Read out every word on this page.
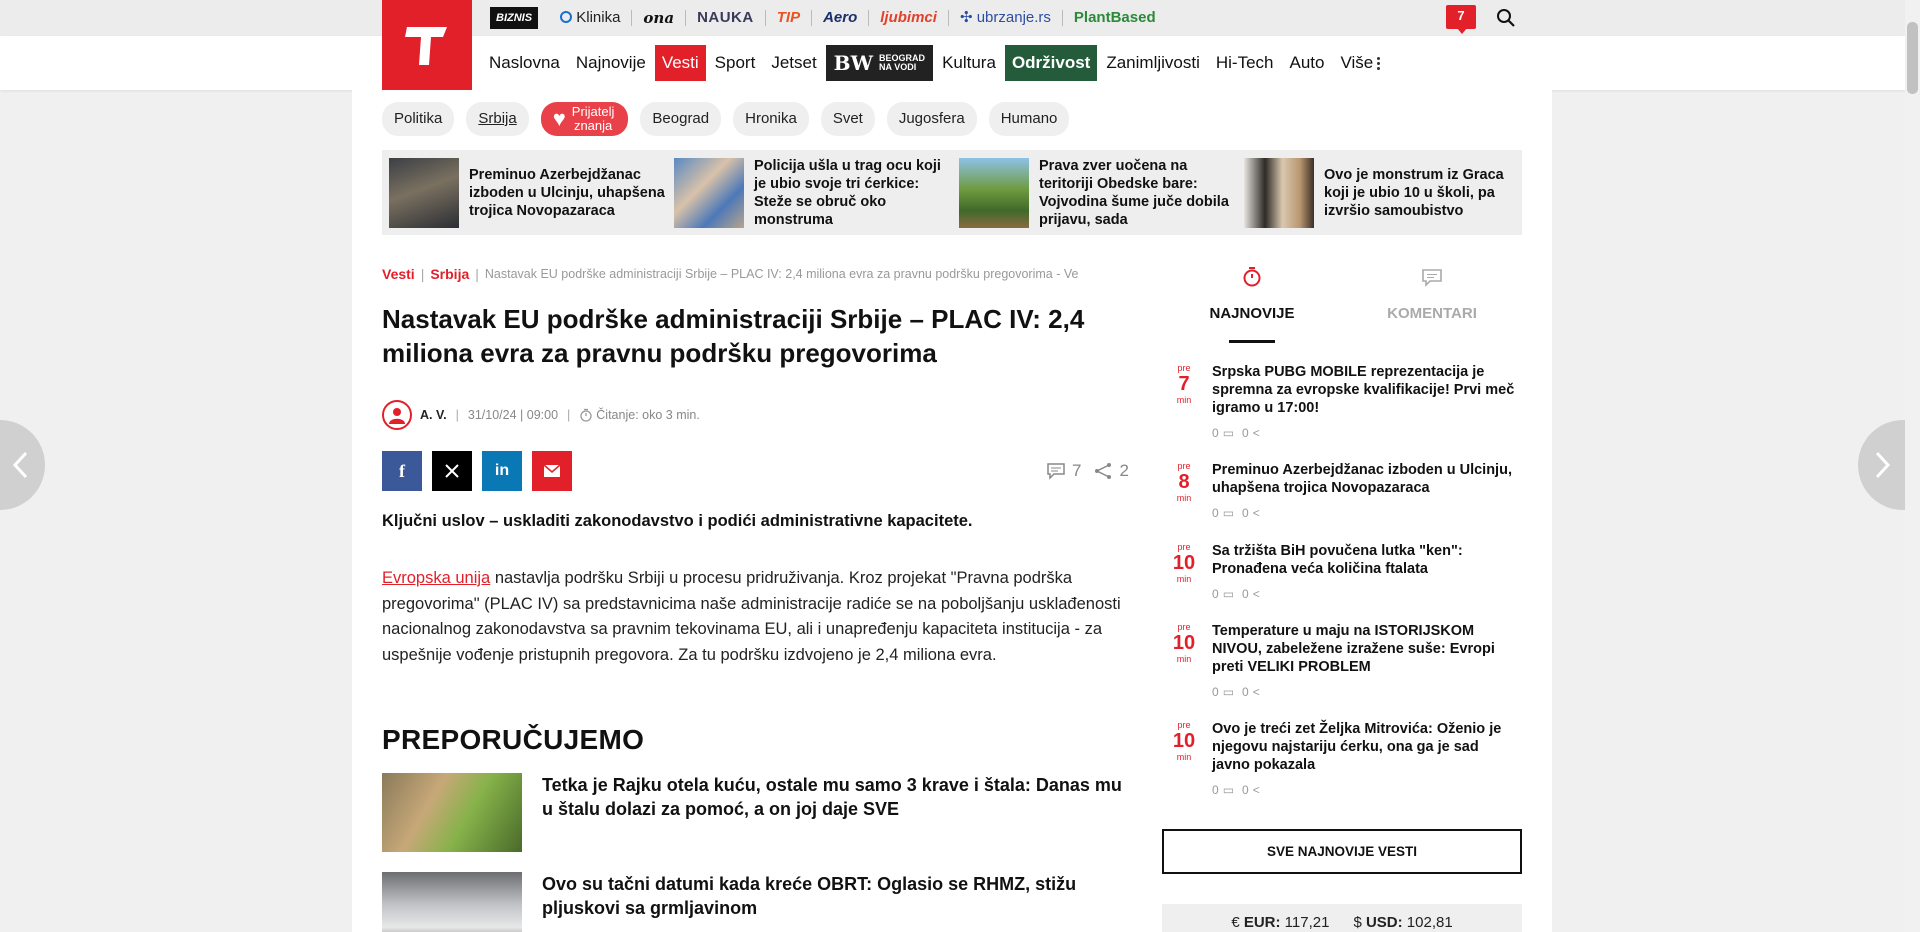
BIZNIS	Klinika	ona	NAUKA	TIP	Aero	ljubimci	✣ ubrzanje.rs	PlantBased	7
Naslovna Najnovije Vesti Sport Jetset BW BEOGRAD
NA VODI	Kultura Održivost Zanimljivosti Hi-Tech Auto Više
Politika	Srbija	♥ Prijatelj
znanja	Beograd	Hronika	Svet	Jugosfera	Humano
Preminuo Azerbejdžanac izboden u Ulcinju, uhapšena trojica Novopazaraca
Policija ušla u trag ocu koji je ubio svoje tri ćerkice: Steže se obruč oko monstruma
Prava zver uočena na teritoriji Obedske bare: Vojvodina šume juče dobila prijavu, sada
Ovo je monstrum iz Graca koji je ubio 10 u školi, pa izvršio samoubistvo
Vesti | Srbija | Nastavak EU podrške administraciji Srbije – PLAC IV: 2,4 miliona evra za pravnu podršku pregovorima - Ve
Nastavak EU podrške administraciji Srbije – PLAC IV: 2,4 miliona evra za pravnu podršku pregovorima
A. V. | 31/10/24 | 09:00 | Čitanje: oko 3 min.
f	in	7 2

Ključni uslov – uskladiti zakonodavstvo i podići administrativne kapacitete.

Evropska unija nastavlja podršku Srbiji u procesu pridruživanja. Kroz projekat "Pravna podrška pregovorima" (PLAC IV) sa predstavnicima naše administracije radiće se na poboljšanju usklađenosti nacionalnog zakonodavstva sa pravnim tekovinama EU, ali i unapređenju kapaciteta institucija - za uspešnije vođenje pristupnih pregovora. Za tu podršku izdvojeno je 2,4 miliona evra.

PREPORUČUJEMO
Tetka je Rajku otela kuću, ostale mu samo 3 krave i štala: Danas mu u štalu dolazi za pomoć, a on joj daje SVE
Ovo su tačni datumi kada kreće OBRT: Oglasio se RHMZ, stižu pljuskovi sa grmljavinom
NAJNOVIJE	KOMENTARI
pre
7
min
Srpska PUBG MOBILE reprezentacija je spremna za evropske kvalifikacije! Prvi meč igramo u 17:00!
0 ▭ 0 <
pre
8
min
Preminuo Azerbejdžanac izboden u Ulcinju, uhapšena trojica Novopazaraca
0 ▭ 0 <
pre
10
min
Sa tržišta BiH povučena lutka "ken": Pronađena veća količina ftalata
0 ▭ 0 <
pre
10
min
Temperature u maju na ISTORIJSKOM NIVOU, zabeležene izražene suše: Evropi preti VELIKI PROBLEM
0 ▭ 0 <
pre
10
min
Ovo je treći zet Željka Mitrovića: Oženio je njegovu najstariju ćerku, ona ga je sad javno pokazala
0 ▭ 0 <
SVE NAJNOVIJE VESTI
€ EUR: 117,21 $ USD: 102,81
